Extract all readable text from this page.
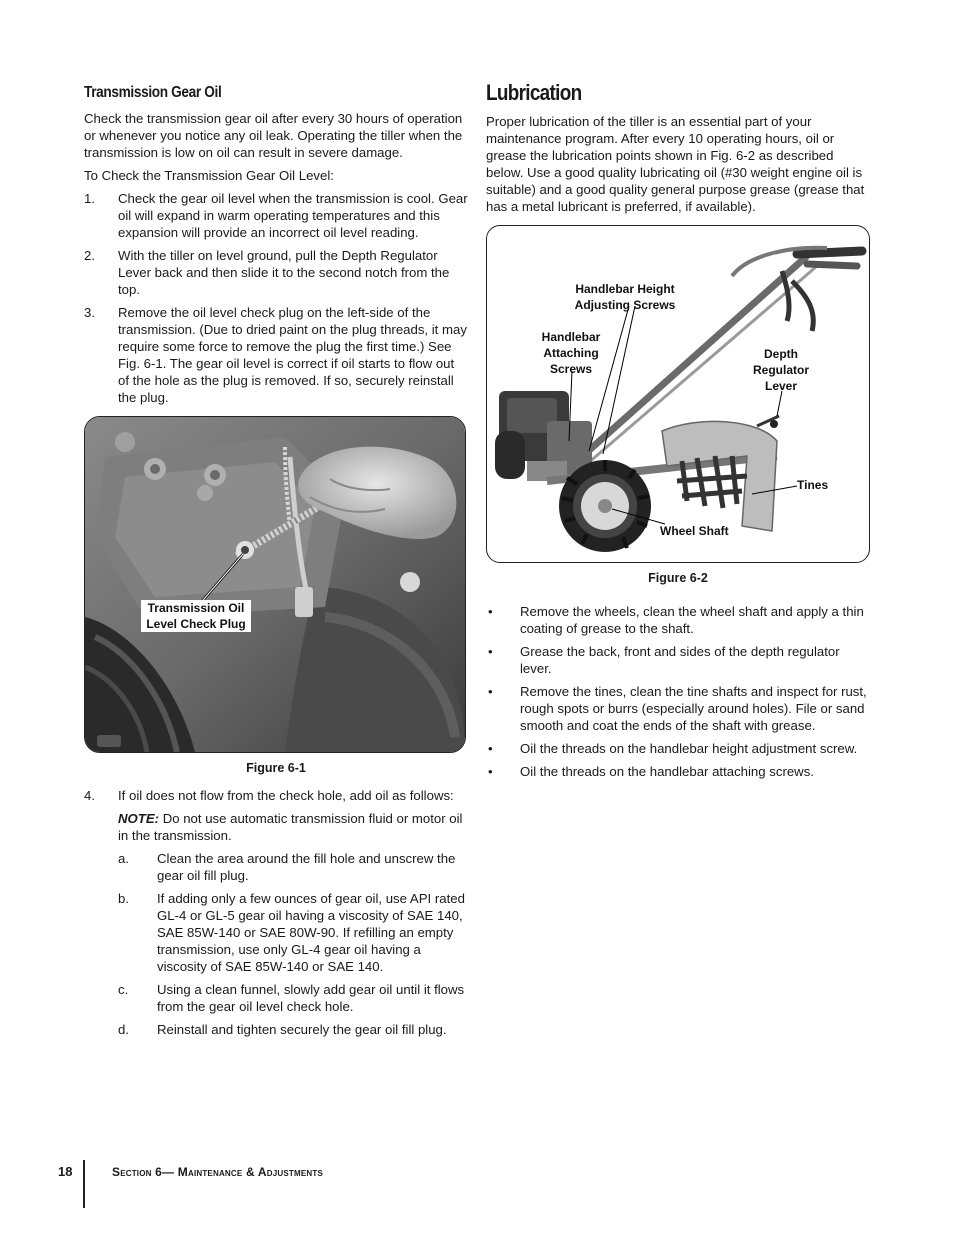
Transmission Gear Oil

Check the transmission gear oil after every 30 hours of operation or whenever you notice any oil leak. Operating the tiller when the transmission is low on oil can result in severe damage.

To Check the Transmission Gear Oil Level:

1.	Check the gear oil level when the transmission is cool. Gear oil will expand in warm operating temperatures and this expansion will provide an incorrect oil level reading.
2.	With the tiller on level ground, pull the Depth Regulator Lever back and then slide it to the second notch from the top.
3.	Remove the oil level check plug on the left-side of the transmission. (Due to dried paint on the plug threads, it may require some force to remove the plug the first time.) See Fig. 6-1. The gear oil level is correct if oil starts to flow out of the hole as the plug is removed. If so, securely reinstall the plug.
Transmission Oil
Level Check Plug
Figure 6-1
4.	If oil does not flow from the check hole, add oil as follows:
NOTE: Do not use automatic transmission fluid or motor oil in the transmission.
a.	Clean the area around the fill hole and unscrew the gear oil fill plug.
b.	If adding only a few ounces of gear oil, use API rated GL-4 or GL-5 gear oil having a viscosity of SAE 140, SAE 85W-140 or SAE 80W-90. If refilling an empty transmission, use only GL-4 gear oil having a viscosity of SAE 85W-140 or SAE 140.
c.	Using a clean funnel, slowly add gear oil until it flows from the gear oil level check hole.
d.	Reinstall and tighten securely the gear oil fill plug.
Lubrication

Proper lubrication of the tiller is an essential part of your maintenance program. After every 10 operating hours, oil or grease the lubrication points shown in Fig. 6-2 as described below. Use a good quality lubricating oil (#30 weight engine oil is suitable) and a good quality general purpose grease (grease that has a metal lubricant is preferred, if available).

Handlebar Height
Adjusting Screws
Handlebar
Attaching
Screws
Depth
Regulator
Lever
Tines
Wheel Shaft
Figure 6-2
•	Remove the wheels, clean the wheel shaft and apply a thin coating of grease to the shaft.
•	Grease the back, front and sides of the depth regulator lever.
•	Remove the tines, clean the tine shafts and inspect for rust, rough spots or burrs (especially around holes). File or sand smooth and coat the ends of the shaft with grease.
•	Oil the threads on the handlebar height adjustment screw.
•	Oil the threads on the handlebar attaching screws.
18	Section 6— Maintenance & Adjustments
